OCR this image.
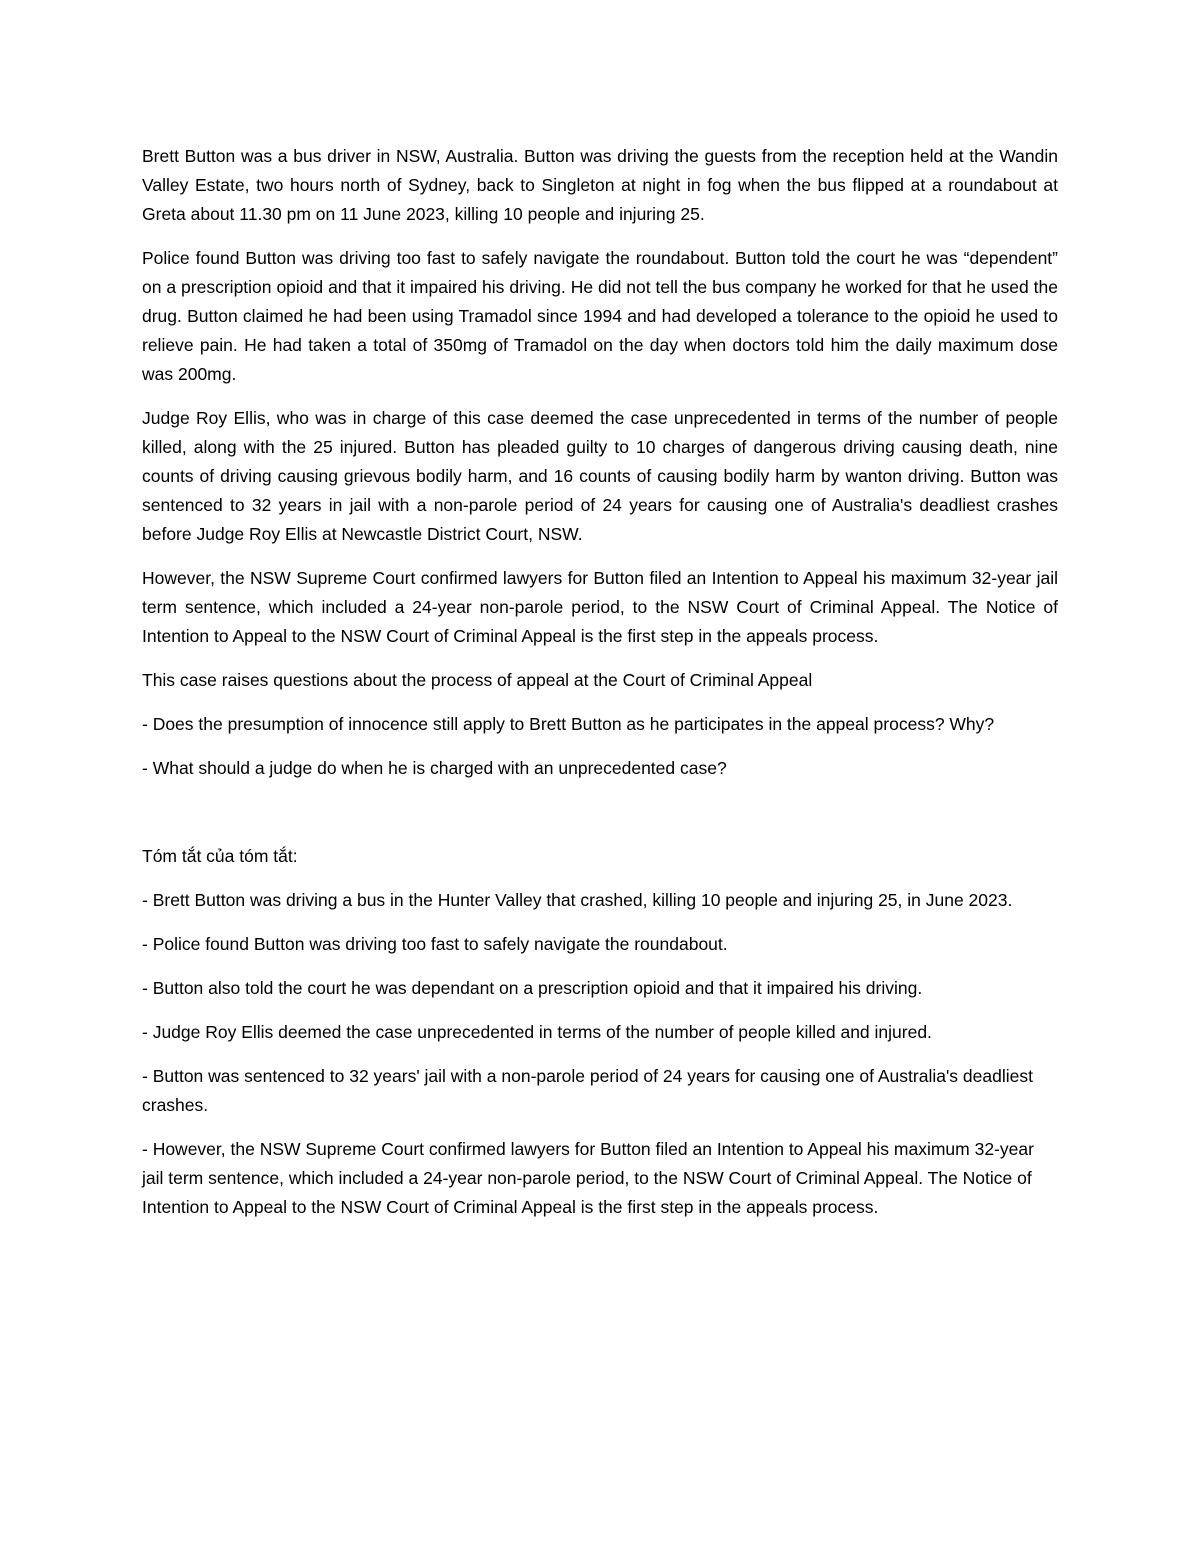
Brett Button was a bus driver in NSW, Australia. Button was driving the guests from the reception held at the Wandin Valley Estate, two hours north of Sydney, back to Singleton at night in fog when the bus flipped at a roundabout at Greta about 11.30 pm on 11 June 2023, killing 10 people and injuring 25.

Police found Button was driving too fast to safely navigate the roundabout. Button told the court he was “dependent” on a prescription opioid and that it impaired his driving. He did not tell the bus company he worked for that he used the drug. Button claimed he had been using Tramadol since 1994 and had developed a tolerance to the opioid he used to relieve pain. He had taken a total of 350mg of Tramadol on the day when doctors told him the daily maximum dose was 200mg.

Judge Roy Ellis, who was in charge of this case deemed the case unprecedented in terms of the number of people killed, along with the 25 injured. Button has pleaded guilty to 10 charges of dangerous driving causing death, nine counts of driving causing grievous bodily harm, and 16 counts of causing bodily harm by wanton driving. Button was sentenced to 32 years in jail with a non-parole period of 24 years for causing one of Australia's deadliest crashes before Judge Roy Ellis at Newcastle District Court, NSW.

However, the NSW Supreme Court confirmed lawyers for Button filed an Intention to Appeal his maximum 32-year jail term sentence, which included a 24-year non-parole period, to the NSW Court of Criminal Appeal. The Notice of Intention to Appeal to the NSW Court of Criminal Appeal is the first step in the appeals process.

This case raises questions about the process of appeal at the Court of Criminal Appeal

- Does the presumption of innocence still apply to Brett Button as he participates in the appeal process? Why?

- What should a judge do when he is charged with an unprecedented case?

Tóm tắt của tóm tắt:

- Brett Button was driving a bus in the Hunter Valley that crashed, killing 10 people and injuring 25, in June 2023.

- Police found Button was driving too fast to safely navigate the roundabout.

- Button also told the court he was dependant on a prescription opioid and that it impaired his driving.

- Judge Roy Ellis deemed the case unprecedented in terms of the number of people killed and injured.

- Button was sentenced to 32 years' jail with a non-parole period of 24 years for causing one of Australia's deadliest crashes.

- However, the NSW Supreme Court confirmed lawyers for Button filed an Intention to Appeal his maximum 32-year jail term sentence, which included a 24-year non-parole period, to the NSW Court of Criminal Appeal. The Notice of Intention to Appeal to the NSW Court of Criminal Appeal is the first step in the appeals process.
